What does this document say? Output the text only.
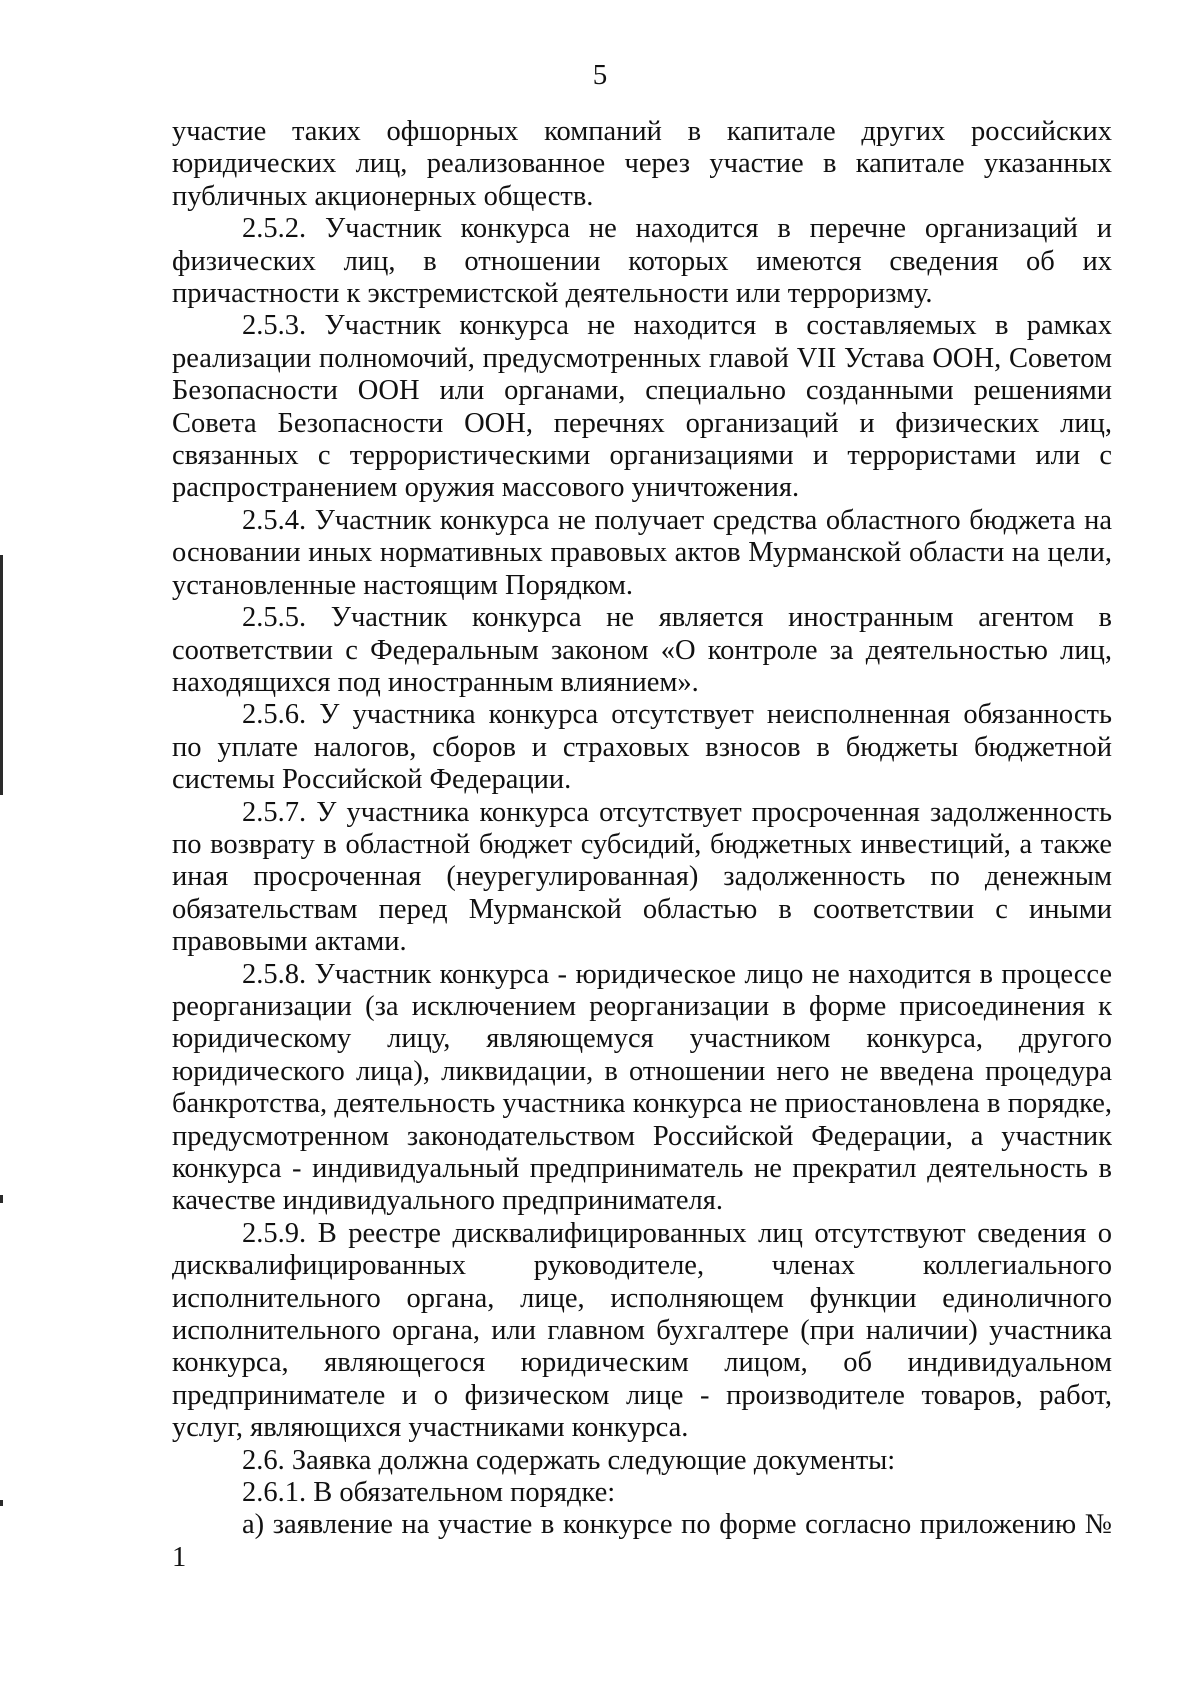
5

участие таких офшорных компаний в капитале других российских юридических лиц, реализованное через участие в капитале указанных публичных акционерных обществ.

2.5.2. Участник конкурса не находится в перечне организаций и физических лиц, в отношении которых имеются сведения об их причастности к экстремистской деятельности или терроризму.

2.5.3. Участник конкурса не находится в составляемых в рамках реализации полномочий, предусмотренных главой VII Устава ООН, Советом Безопасности ООН или органами, специально созданными решениями Совета Безопасности ООН, перечнях организаций и физических лиц, связанных с террористическими организациями и террористами или с распространением оружия массового уничтожения.

2.5.4. Участник конкурса не получает средства областного бюджета на основании иных нормативных правовых актов Мурманской области на цели, установленные настоящим Порядком.

2.5.5. Участник конкурса не является иностранным агентом в соответствии с Федеральным законом «О контроле за деятельностью лиц, находящихся под иностранным влиянием».

2.5.6. У участника конкурса отсутствует неисполненная обязанность по уплате налогов, сборов и страховых взносов в бюджеты бюджетной системы Российской Федерации.

2.5.7. У участника конкурса отсутствует просроченная задолженность по возврату в областной бюджет субсидий, бюджетных инвестиций, а также иная просроченная (неурегулированная) задолженность по денежным обязательствам перед Мурманской областью в соответствии с иными правовыми актами.

2.5.8. Участник конкурса - юридическое лицо не находится в процессе реорганизации (за исключением реорганизации в форме присоединения к юридическому лицу, являющемуся участником конкурса, другого юридического лица), ликвидации, в отношении него не введена процедура банкротства, деятельность участника конкурса не приостановлена в порядке, предусмотренном законодательством Российской Федерации, а участник конкурса - индивидуальный предприниматель не прекратил деятельность в качестве индивидуального предпринимателя.

2.5.9. В реестре дисквалифицированных лиц отсутствуют сведения о дисквалифицированных руководителе, членах коллегиального исполнительного органа, лице, исполняющем функции единоличного исполнительного органа, или главном бухгалтере (при наличии) участника конкурса, являющегося юридическим лицом, об индивидуальном предпринимателе и о физическом лице - производителе товаров, работ, услуг, являющихся участниками конкурса.

2.6. Заявка должна содержать следующие документы:

2.6.1. В обязательном порядке:

а) заявление на участие в конкурсе по форме согласно приложению № 1
